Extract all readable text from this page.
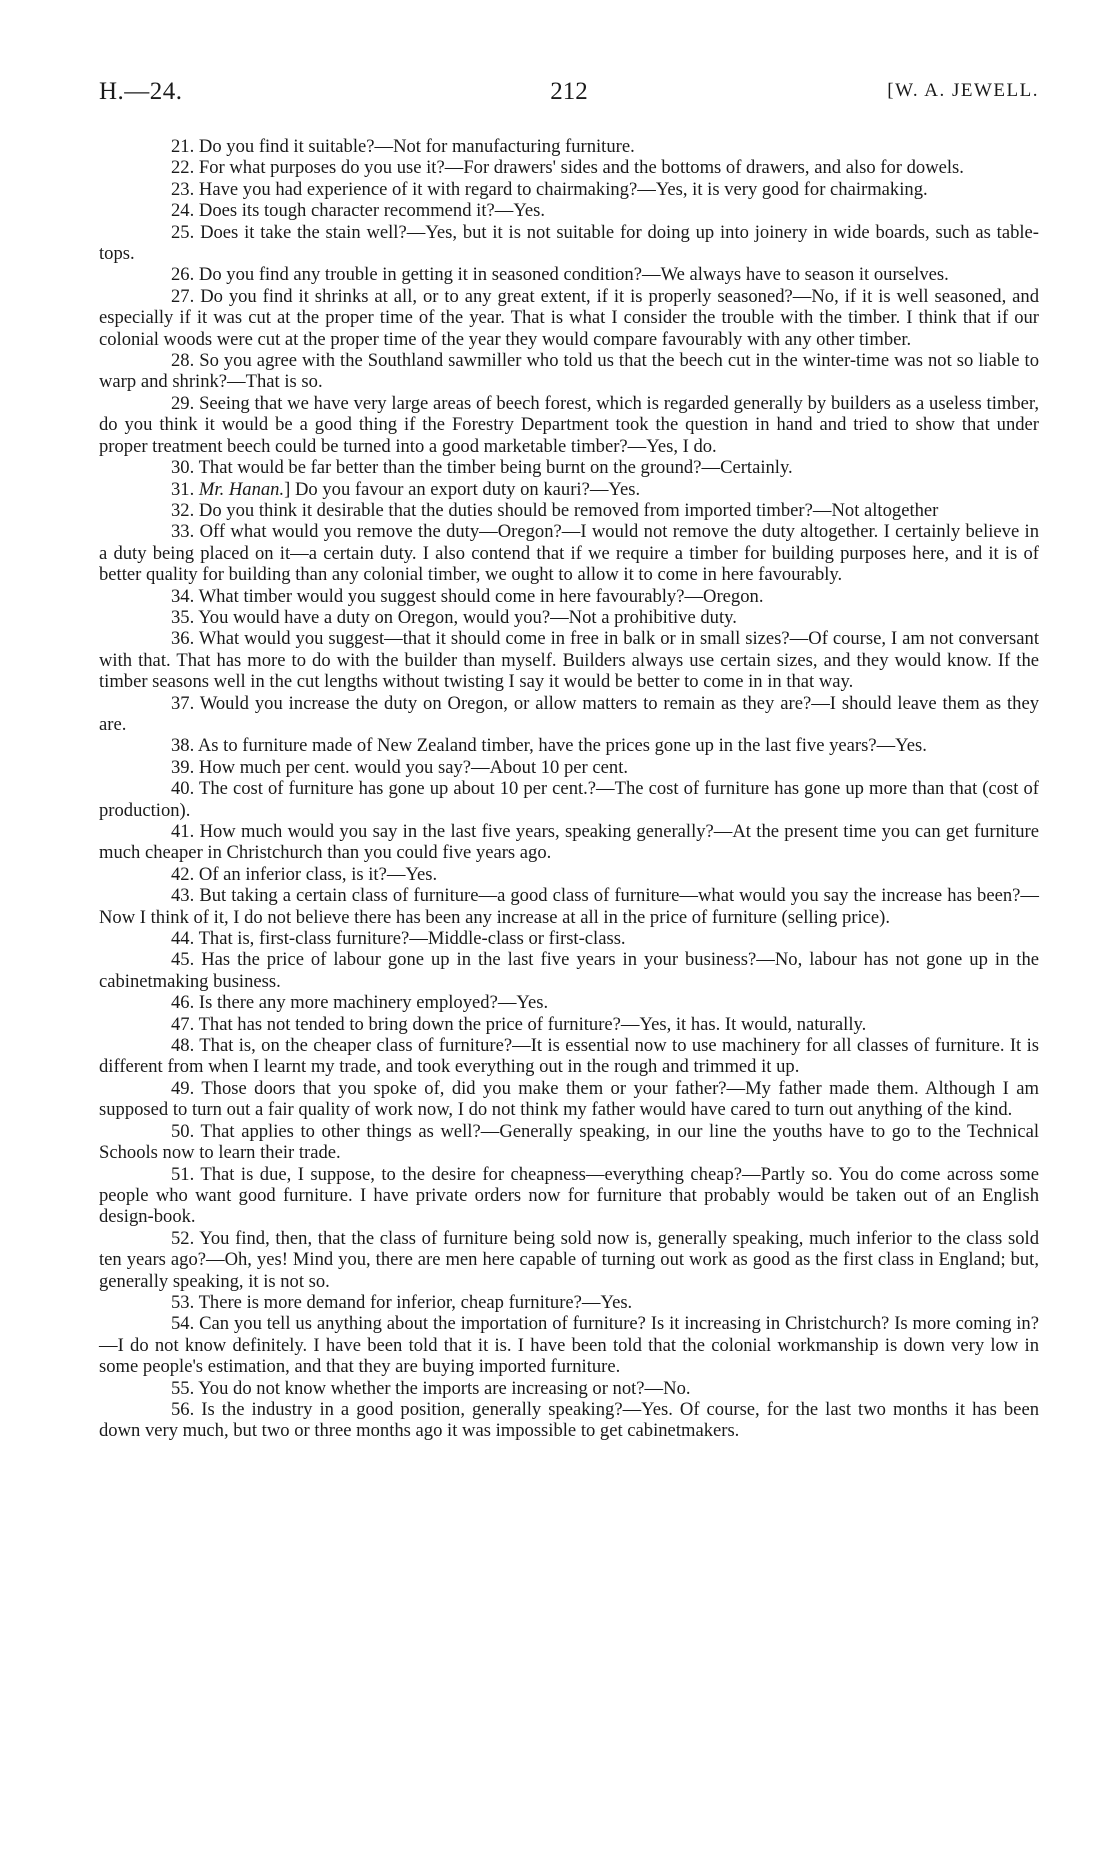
H.—24.	212	[W. A. JEWELL.

21. Do you find it suitable?—Not for manufacturing furniture.

22. For what purposes do you use it?—For drawers' sides and the bottoms of drawers, and also for dowels.

23. Have you had experience of it with regard to chairmaking?—Yes, it is very good for chairmaking.

24. Does its tough character recommend it?—Yes.

25. Does it take the stain well?—Yes, but it is not suitable for doing up into joinery in wide boards, such as table-tops.

26. Do you find any trouble in getting it in seasoned condition?—We always have to season it ourselves.

27. Do you find it shrinks at all, or to any great extent, if it is properly seasoned?—No, if it is well seasoned, and especially if it was cut at the proper time of the year. That is what I consider the trouble with the timber. I think that if our colonial woods were cut at the proper time of the year they would compare favourably with any other timber.

28. So you agree with the Southland sawmiller who told us that the beech cut in the winter-time was not so liable to warp and shrink?—That is so.

29. Seeing that we have very large areas of beech forest, which is regarded generally by builders as a useless timber, do you think it would be a good thing if the Forestry Department took the question in hand and tried to show that under proper treatment beech could be turned into a good marketable timber?—Yes, I do.

30. That would be far better than the timber being burnt on the ground?—Certainly.

31. Mr. Hanan.] Do you favour an export duty on kauri?—Yes.

32. Do you think it desirable that the duties should be removed from imported timber?—Not altogether

33. Off what would you remove the duty—Oregon?—I would not remove the duty altogether. I certainly believe in a duty being placed on it—a certain duty. I also contend that if we require a timber for building purposes here, and it is of better quality for building than any colonial timber, we ought to allow it to come in here favourably.

34. What timber would you suggest should come in here favourably?—Oregon.

35. You would have a duty on Oregon, would you?—Not a prohibitive duty.

36. What would you suggest—that it should come in free in balk or in small sizes?—Of course, I am not conversant with that. That has more to do with the builder than myself. Builders always use certain sizes, and they would know. If the timber seasons well in the cut lengths without twisting I say it would be better to come in in that way.

37. Would you increase the duty on Oregon, or allow matters to remain as they are?—I should leave them as they are.

38. As to furniture made of New Zealand timber, have the prices gone up in the last five years?—Yes.

39. How much per cent. would you say?—About 10 per cent.

40. The cost of furniture has gone up about 10 per cent.?—The cost of furniture has gone up more than that (cost of production).

41. How much would you say in the last five years, speaking generally?—At the present time you can get furniture much cheaper in Christchurch than you could five years ago.

42. Of an inferior class, is it?—Yes.

43. But taking a certain class of furniture—a good class of furniture—what would you say the increase has been?—Now I think of it, I do not believe there has been any increase at all in the price of furniture (selling price).

44. That is, first-class furniture?—Middle-class or first-class.

45. Has the price of labour gone up in the last five years in your business?—No, labour has not gone up in the cabinetmaking business.

46. Is there any more machinery employed?—Yes.

47. That has not tended to bring down the price of furniture?—Yes, it has. It would, naturally.

48. That is, on the cheaper class of furniture?—It is essential now to use machinery for all classes of furniture. It is different from when I learnt my trade, and took everything out in the rough and trimmed it up.

49. Those doors that you spoke of, did you make them or your father?—My father made them. Although I am supposed to turn out a fair quality of work now, I do not think my father would have cared to turn out anything of the kind.

50. That applies to other things as well?—Generally speaking, in our line the youths have to go to the Technical Schools now to learn their trade.

51. That is due, I suppose, to the desire for cheapness—everything cheap?—Partly so. You do come across some people who want good furniture. I have private orders now for furniture that probably would be taken out of an English design-book.

52. You find, then, that the class of furniture being sold now is, generally speaking, much inferior to the class sold ten years ago?—Oh, yes! Mind you, there are men here capable of turning out work as good as the first class in England; but, generally speaking, it is not so.

53. There is more demand for inferior, cheap furniture?—Yes.

54. Can you tell us anything about the importation of furniture? Is it increasing in Christchurch? Is more coming in?—I do not know definitely. I have been told that it is. I have been told that the colonial workmanship is down very low in some people's estimation, and that they are buying imported furniture.

55. You do not know whether the imports are increasing or not?—No.

56. Is the industry in a good position, generally speaking?—Yes. Of course, for the last two months it has been down very much, but two or three months ago it was impossible to get cabinetmakers.
